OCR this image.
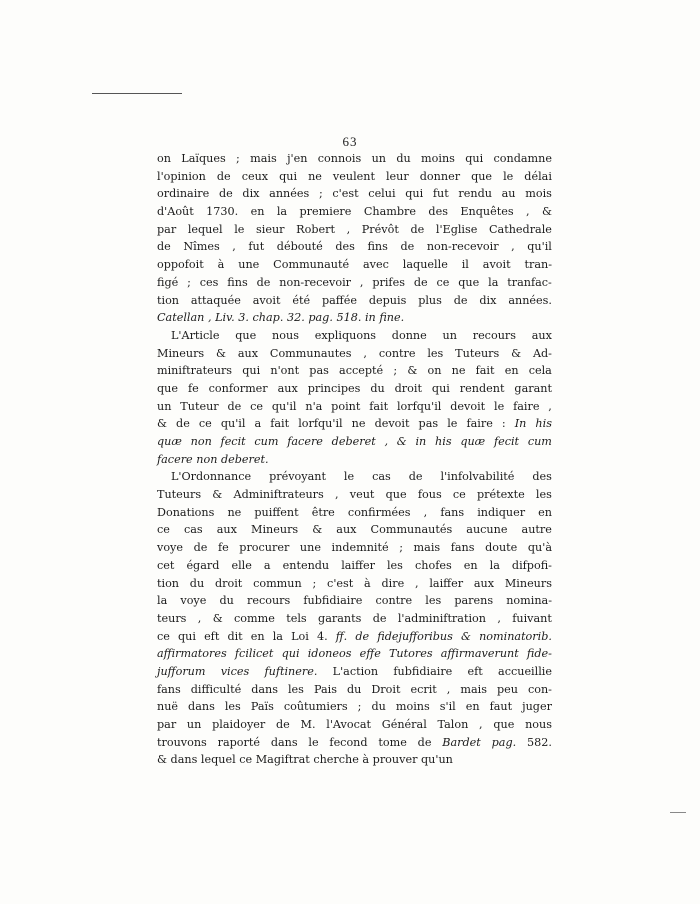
63
on Laïques ; mais j'en connois un du moins qui condamne
l'opinion de ceux qui ne veulent leur donner que le délai
ordinaire de dix années ; c'est celui qui fut rendu au mois
d'Août 1730. en la premiere Chambre des Enquêtes , &
par lequel le sieur Robert , Prévôt de l'Eglise Cathedrale
de Nîmes , fut débouté des fins de non-recevoir , qu'il
oppofoit à une Communauté avec laquelle il avoit tran-
figé ; ces fins de non-recevoir , prifes de ce que la tranfac-
tion attaquée avoit été paffée depuis plus de dix années.
Catellan , Liv. 3. chap. 32. pag. 518. in fine.
L'Article que nous expliquons donne un recours aux
Mineurs & aux Communautes , contre les Tuteurs & Ad-
miniftrateurs qui n'ont pas accepté ; & on ne fait en cela
que fe conformer aux principes du droit qui rendent garant
un Tuteur de ce qu'il n'a point fait lorfqu'il devoit le faire ,
& de ce qu'il a fait lorfqu'il ne devoit pas le faire : In his
quæ non fecit cum facere deberet , & in his quæ fecit cum
facere non deberet.
L'Ordonnance prévoyant le cas de l'infolvabilité des
Tuteurs & Adminiftrateurs , veut que fous ce prétexte les
Donations ne puiffent être confirmées , fans indiquer en
ce cas aux Mineurs & aux Communautés aucune autre
voye de fe procurer une indemnité ; mais fans doute qu'à
cet égard elle a entendu laiffer les chofes en la difpofi-
tion du droit commun ; c'est à dire , laiffer aux Mineurs
la voye du recours fubfidiaire contre les parens nomina-
teurs , & comme tels garants de l'adminiftration , fuivant
ce qui eft dit en la Loi 4. ff. de fidejufforibus & nominatorib.
affirmatores fcilicet qui idoneos effe Tutores affirmaverunt fide-
jufforum vices fuftinere. L'action fubfidiaire eft accueillie
fans difficulté dans les Pais du Droit ecrit , mais peu con-
nuë dans les Païs coûtumiers ; du moins s'il en faut juger
par un plaidoyer de M. l'Avocat Général Talon , que nous
trouvons raporté dans le fecond tome de Bardet pag. 582.
& dans lequel ce Magiftrat cherche à prouver qu'un
